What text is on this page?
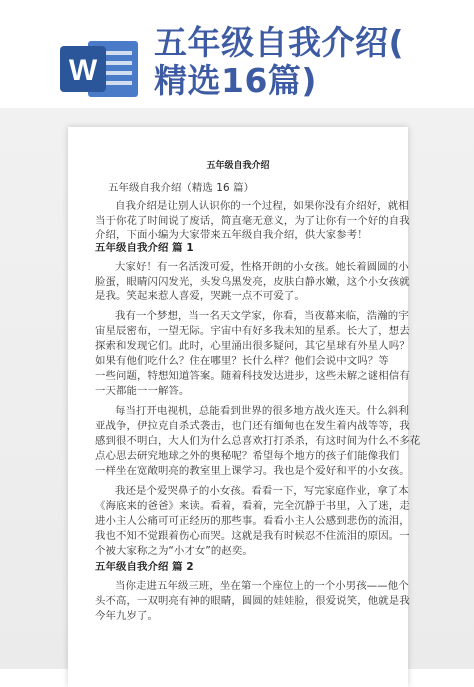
W
五年级自我介绍(
精选16篇)
五年级自我介绍
五年级自我介绍（精选 16 篇）
自我介绍是让别人认识你的一个过程，如果你没有介绍好，就相
当于你花了时间说了废话，简直毫无意义，为了让你有一个好的自我
介绍，下面小编为大家带来五年级自我介绍，供大家参考！
五年级自我介绍 篇 1
大家好！有一名活泼可爱，性格开朗的小女孩。她长着圆圆的小
脸蛋，眼睛闪闪发光，头发乌黑发亮，皮肤白静水嫩，这个小女孩就
是我。笑起来惹人喜爱，哭跳一点不可爱了。
我有一个梦想，当一名天文学家，你看，当夜幕来临，浩瀚的宇
宙星辰密布，一望无际。宇宙中有好多我未知的星系。长大了，想去
探索和发现它们。此时，心里涌出很多疑问，其它星球有外星人吗？
如果有他们吃什么？住在哪里？长什么样？他们会说中文吗？等
一些问题，特想知道答案。随着科技发达进步，这些未解之谜相信有
一天都能一一解答。
每当打开电视机，总能看到世界的很多地方战火连天。什么斜利
亚战争，伊拉克自杀式袭击，也门还有缅甸也在发生着内战等等，我
感到很不明白，大人们为什么总喜欢打打杀杀，有这时间为什么不多花
点心思去研究地球之外的奥秘呢？希望每个地方的孩子们能像我们
一样坐在宽敞明亮的教室里上课学习。我也是个爱好和平的小女孩。
我还是个爱哭鼻子的小女孩。看看一下，写完家庭作业，拿了本
《海底来的爸爸》来读。看着，看着，完全沉静于书里，入了迷，走
进小主人公痛可可正经历的那些事。看看小主人公感到悲伤的流泪，
我也不知不觉跟着伤心而哭。这就是我有时候忍不住流泪的原因。一
个被大家称之为“小才女”的赵奕。
五年级自我介绍 篇 2
当你走进五年级三班，坐在第一个座位上的一个小男孩——他个
头不高，一双明亮有神的眼睛，圆圆的娃娃脸，很爱说笑，他就是我
今年九岁了。
